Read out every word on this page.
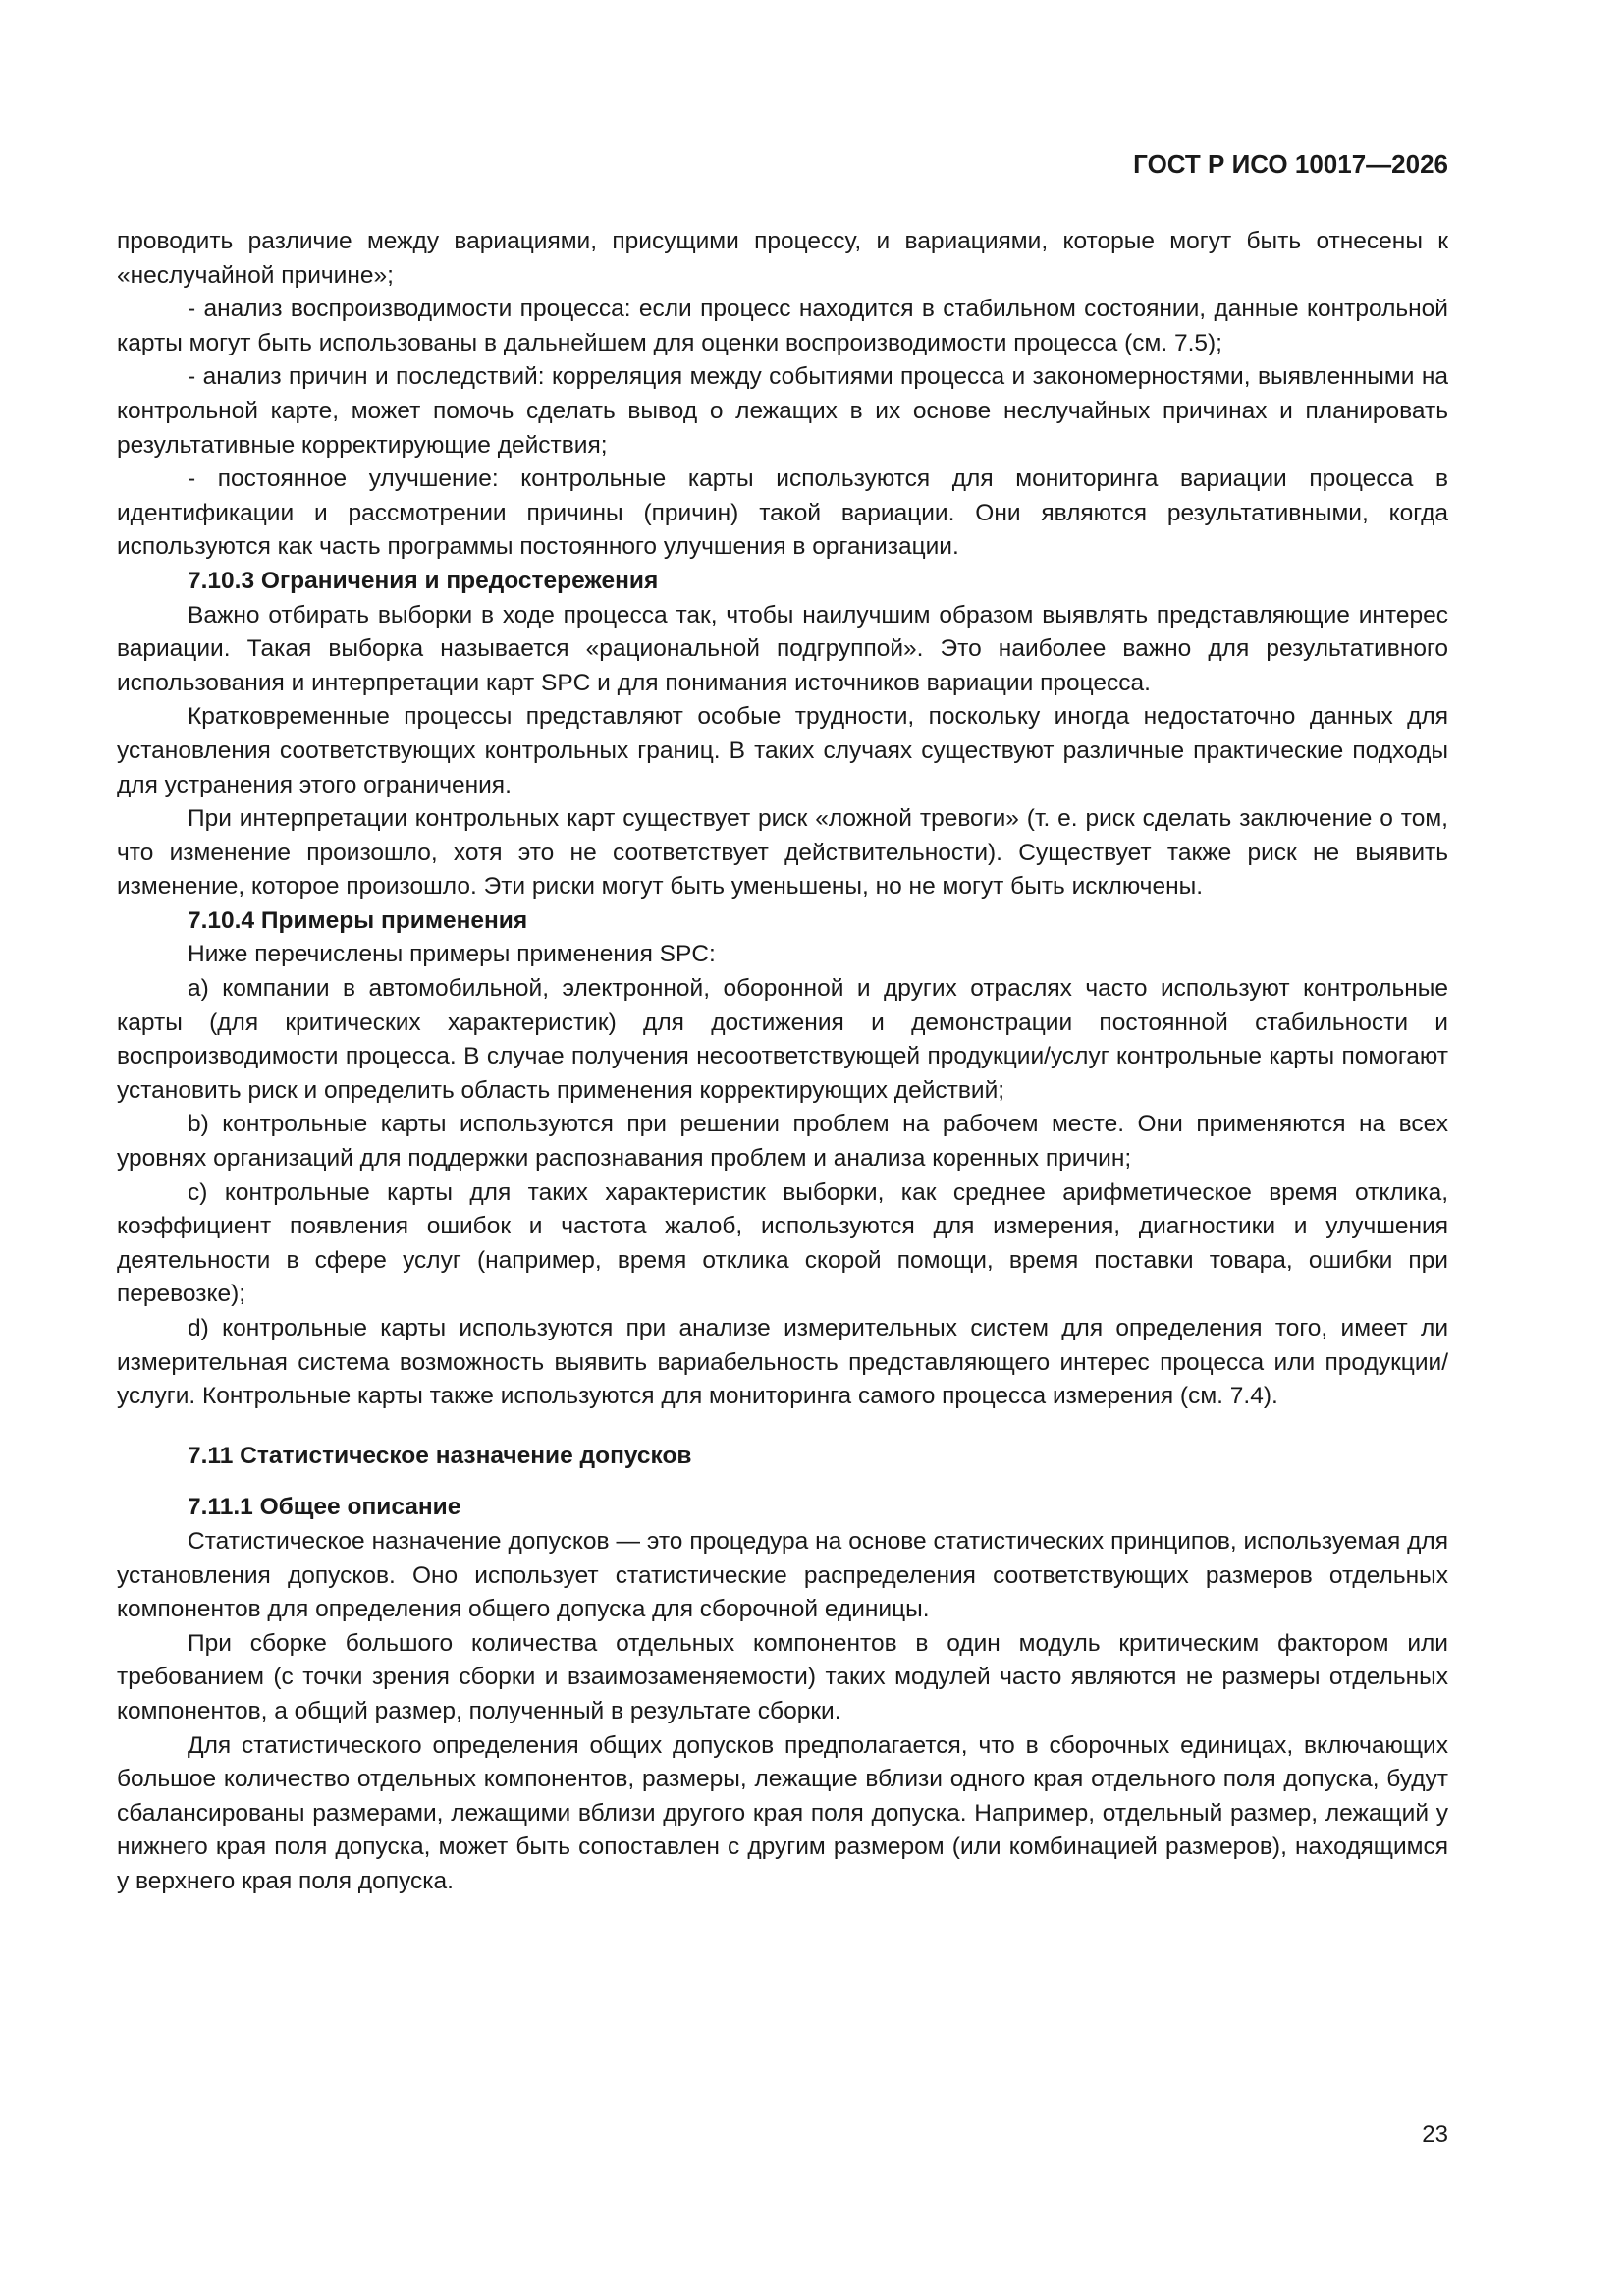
ГОСТ Р ИСО 10017—2026

проводить различие между вариациями, присущими процессу, и вариациями, которые могут быть отнесены к «неслучайной причине»;

- анализ воспроизводимости процесса: если процесс находится в стабильном состоянии, данные контрольной карты могут быть использованы в дальнейшем для оценки воспроизводимости процесса (см. 7.5);

- анализ причин и последствий: корреляция между событиями процесса и закономерностями, выявленными на контрольной карте, может помочь сделать вывод о лежащих в их основе неслучайных причинах и планировать результативные корректирующие действия;

- постоянное улучшение: контрольные карты используются для мониторинга вариации процесса в идентификации и рассмотрении причины (причин) такой вариации. Они являются результативными, когда используются как часть программы постоянного улучшения в организации.

7.10.3 Ограничения и предостережения

Важно отбирать выборки в ходе процесса так, чтобы наилучшим образом выявлять представляющие интерес вариации. Такая выборка называется «рациональной подгруппой». Это наиболее важно для результативного использования и интерпретации карт SPC и для понимания источников вариации процесса.

Кратковременные процессы представляют особые трудности, поскольку иногда недостаточно данных для установления соответствующих контрольных границ. В таких случаях существуют различные практические подходы для устранения этого ограничения.

При интерпретации контрольных карт существует риск «ложной тревоги» (т. е. риск сделать заключение о том, что изменение произошло, хотя это не соответствует действительности). Существует также риск не выявить изменение, которое произошло. Эти риски могут быть уменьшены, но не могут быть исключены.

7.10.4 Примеры применения

Ниже перечислены примеры применения SPC:

a) компании в автомобильной, электронной, оборонной и других отраслях часто используют контрольные карты (для критических характеристик) для достижения и демонстрации постоянной стабильности и воспроизводимости процесса. В случае получения несоответствующей продукции/услуг контрольные карты помогают установить риск и определить область применения корректирующих действий;

b) контрольные карты используются при решении проблем на рабочем месте. Они применяются на всех уровнях организаций для поддержки распознавания проблем и анализа коренных причин;

c) контрольные карты для таких характеристик выборки, как среднее арифметическое время отклика, коэффициент появления ошибок и частота жалоб, используются для измерения, диагностики и улучшения деятельности в сфере услуг (например, время отклика скорой помощи, время поставки товара, ошибки при перевозке);

d) контрольные карты используются при анализе измерительных систем для определения того, имеет ли измерительная система возможность выявить вариабельность представляющего интерес процесса или продукции/услуги. Контрольные карты также используются для мониторинга самого процесса измерения (см. 7.4).

7.11 Статистическое назначение допусков
7.11.1 Общее описание

Статистическое назначение допусков — это процедура на основе статистических принципов, используемая для установления допусков. Оно использует статистические распределения соответствующих размеров отдельных компонентов для определения общего допуска для сборочной единицы.

При сборке большого количества отдельных компонентов в один модуль критическим фактором или требованием (с точки зрения сборки и взаимозаменяемости) таких модулей часто являются не размеры отдельных компонентов, а общий размер, полученный в результате сборки.

Для статистического определения общих допусков предполагается, что в сборочных единицах, включающих большое количество отдельных компонентов, размеры, лежащие вблизи одного края отдельного поля допуска, будут сбалансированы размерами, лежащими вблизи другого края поля допуска. Например, отдельный размер, лежащий у нижнего края поля допуска, может быть сопоставлен с другим размером (или комбинацией размеров), находящимся у верхнего края поля допуска.

23
